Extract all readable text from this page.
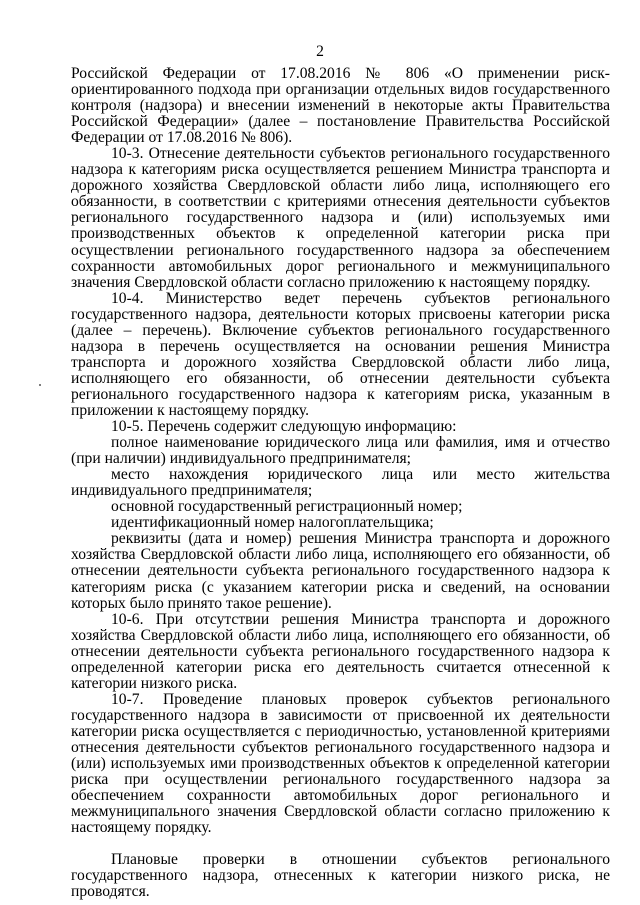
2

Российской Федерации от 17.08.2016 № 806 «О применении риск-ориентированного подхода при организации отдельных видов государственного контроля (надзора) и внесении изменений в некоторые акты Правительства Российской Федерации» (далее – постановление Правительства Российской Федерации от 17.08.2016 № 806).

10-3. Отнесение деятельности субъектов регионального государственного надзора к категориям риска осуществляется решением Министра транспорта и дорожного хозяйства Свердловской области либо лица, исполняющего его обязанности, в соответствии с критериями отнесения деятельности субъектов регионального государственного надзора и (или) используемых ими производственных объектов к определенной категории риска при осуществлении регионального государственного надзора за обеспечением сохранности автомобильных дорог регионального и межмуниципального значения Свердловской области согласно приложению к настоящему порядку.

10-4. Министерство ведет перечень субъектов регионального государственного надзора, деятельности которых присвоены категории риска (далее – перечень). Включение субъектов регионального государственного надзора в перечень осуществляется на основании решения Министра транспорта и дорожного хозяйства Свердловской области либо лица, исполняющего его обязанности, об отнесении деятельности субъекта регионального государственного надзора к категориям риска, указанным в приложении к настоящему порядку.

10-5. Перечень содержит следующую информацию:

полное наименование юридического лица или фамилия, имя и отчество (при наличии) индивидуального предпринимателя;

место нахождения юридического лица или место жительства индивидуального предпринимателя;

основной государственный регистрационный номер;

идентификационный номер налогоплательщика;

реквизиты (дата и номер) решения Министра транспорта и дорожного хозяйства Свердловской области либо лица, исполняющего его обязанности, об отнесении деятельности субъекта регионального государственного надзора к категориям риска (с указанием категории риска и сведений, на основании которых было принято такое решение).

10-6. При отсутствии решения Министра транспорта и дорожного хозяйства Свердловской области либо лица, исполняющего его обязанности, об отнесении деятельности субъекта регионального государственного надзора к определенной категории риска его деятельность считается отнесенной к категории низкого риска.

10-7. Проведение плановых проверок субъектов регионального государственного надзора в зависимости от присвоенной их деятельности категории риска осуществляется с периодичностью, установленной критериями отнесения деятельности субъектов регионального государственного надзора и (или) используемых ими производственных объектов к определенной категории риска при осуществлении регионального государственного надзора за обеспечением сохранности автомобильных дорог регионального и межмуниципального значения Свердловской области согласно приложению к настоящему порядку.

Плановые проверки в отношении субъектов регионального государственного надзора, отнесенных к категории низкого риска, не проводятся.
